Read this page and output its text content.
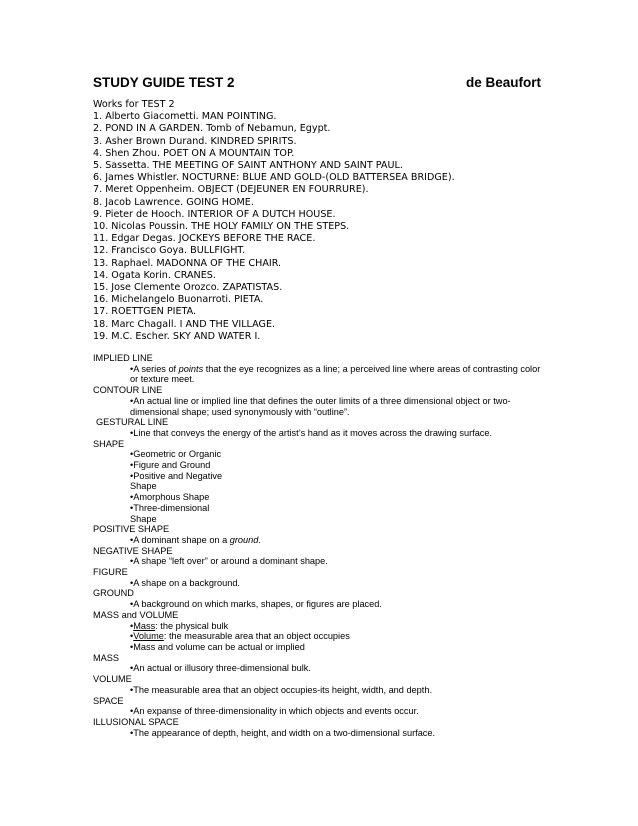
STUDY GUIDE TEST 2	de Beaufort
Works for TEST 2
1. Alberto Giacometti. MAN POINTING.
2. POND IN A GARDEN. Tomb of Nebamun, Egypt.
3. Asher Brown Durand. KINDRED SPIRITS.
4. Shen Zhou. POET ON A MOUNTAIN TOP.
5. Sassetta. THE MEETING OF SAINT ANTHONY AND SAINT PAUL.
6. James Whistler. NOCTURNE: BLUE AND GOLD-(OLD BATTERSEA BRIDGE).
7. Meret Oppenheim. OBJECT (DEJEUNER EN FOURRURE).
8. Jacob Lawrence. GOING HOME.
9. Pieter de Hooch. INTERIOR OF A DUTCH HOUSE.
10. Nicolas Poussin. THE HOLY FAMILY ON THE STEPS.
11. Edgar Degas. JOCKEYS BEFORE THE RACE.
12. Francisco Goya. BULLFIGHT.
13. Raphael. MADONNA OF THE CHAIR.
14. Ogata Korin. CRANES.
15. Jose Clemente Orozco. ZAPATISTAS.
16. Michelangelo Buonarroti. PIETA.
17. ROETTGEN PIETA.
18. Marc Chagall. I AND THE VILLAGE.
19. M.C. Escher. SKY AND WATER I.
IMPLIED LINE
•A series of points that the eye recognizes as a line; a perceived line where areas of contrasting color or texture meet.
CONTOUR LINE
•An actual line or implied line that defines the outer limits of a three dimensional object or two-dimensional shape; used synonymously with “outline”.
GESTURAL LINE
•Line that conveys the energy of the artist’s hand as it moves across the drawing surface.
SHAPE
•Geometric or Organic
•Figure and Ground
•Positive and Negative
Shape
•Amorphous Shape
•Three-dimensional
Shape
POSITIVE SHAPE
•A dominant shape on a ground.
NEGATIVE SHAPE
•A shape “left over” or around a dominant shape.
FIGURE
•A shape on a background.
GROUND
•A background on which marks, shapes, or figures are placed.
MASS and VOLUME
•Mass: the physical bulk
•Volume: the measurable area that an object occupies
•Mass and volume can be actual or implied
MASS
•An actual or illusory three-dimensional bulk.
VOLUME
•The measurable area that an object occupies-its height, width, and depth.
SPACE
•An expanse of three-dimensionality in which objects and events occur.
ILLUSIONAL SPACE
•The appearance of depth, height, and width on a two-dimensional surface.
